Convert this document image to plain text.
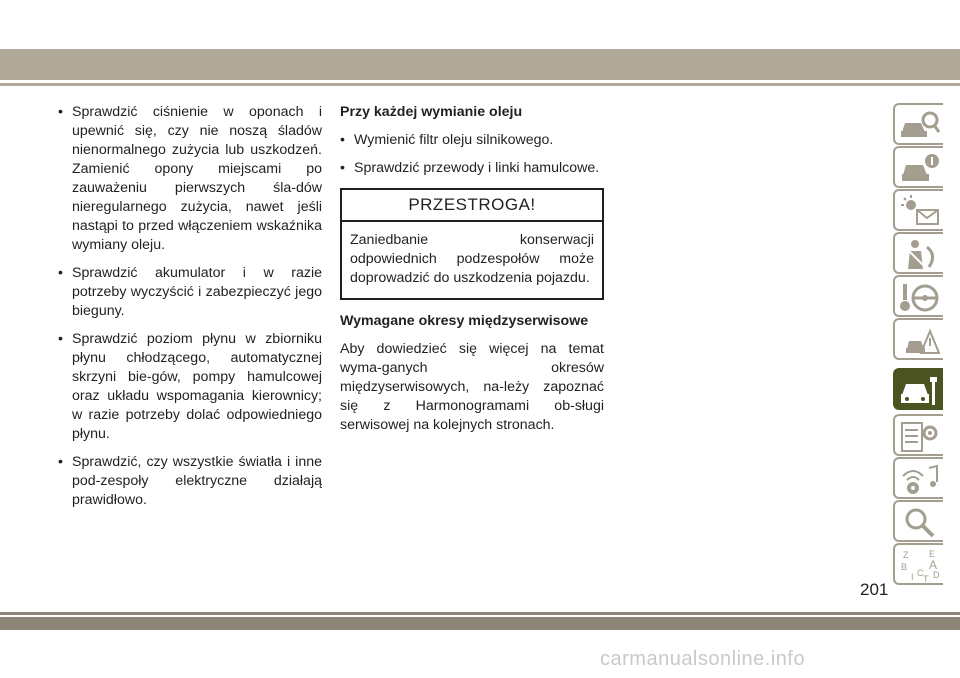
• Sprawdzić ciśnienie w oponach i upewnić się, czy nie noszą śladów nienormalnego zużycia lub uszkodzeń. Zamienić opony miejscami po zauważeniu pierwszych śla-dów nieregularnego zużycia, nawet jeśli nastąpi to przed włączeniem wskaźnika wymiany oleju.

• Sprawdzić akumulator i w razie potrzeby wyczyścić i zabezpieczyć jego bieguny.

• Sprawdzić poziom płynu w zbiorniku płynu chłodzącego, automatycznej skrzyni bie-gów, pompy hamulcowej oraz układu wspomagania kierownicy; w razie potrzeby dolać odpowiedniego płynu.

• Sprawdzić, czy wszystkie światła i inne pod-zespoły elektryczne działają prawidłowo.

Przy każdej wymianie oleju

• Wymienić filtr oleju silnikowego.

• Sprawdzić przewody i linki hamulcowe.

PRZESTROGA!
Zaniedbanie konserwacji odpowiednich podzespołów może doprowadzić do uszkodzenia pojazdu.

Wymagane okresy międzyserwisowe

Aby dowiedzieć się więcej na temat wyma-ganych okresów międzyserwisowych, na-leży zapoznać się z Harmonogramami ob-sługi serwisowej na kolejnych stronach.

Z E
B A
I C D
T
201
carmanualsonline.info
